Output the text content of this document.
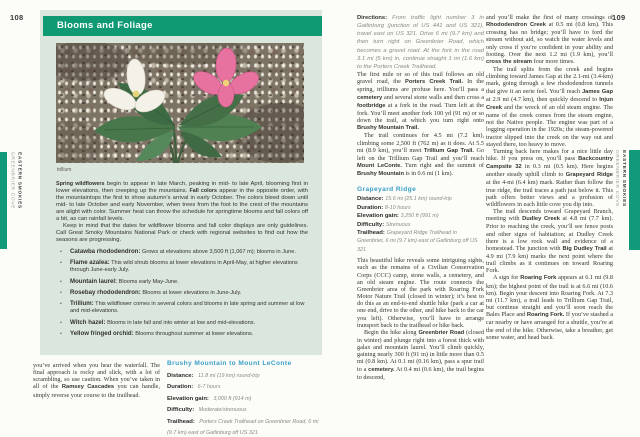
108
GREENBRIER COVE EASTERN SMOKIES
Blooms and Foliage
trillium

Spring wildflowers begin to appear in late March, peaking in mid- to late April, blooming first in lower elevations, then creeping up the mountains. Fall colors appear in the opposite order, with the mountaintops the first to show autumn’s arrival in early October. The colors bleed down until mid- to late October and early November, when trees from the foot to the crest of the mountains are alight with color. Summer heat can throw the schedule for springtime blooms and fall colors off a bit, as can rainfall levels.

Keep in mind that the dates for wildflower blooms and fall color displays are only guidelines. Call Great Smoky Mountains National Park or check with regional websites to find out how the seasons are progressing.

• Catawba rhododendron: Grows at elevations above 3,500 ft (1,067 m); blooms in June.
• Flame azalea: This wild shrub blooms at lower elevations in April-May, at higher elevations through June-early July.
• Mountain laurel: Blooms early May-June.
• Rosebay rhododendron: Blooms at lower elevations in June-July.
• Trillium: This wildflower comes in several colors and blooms in late spring and summer at low and mid-elevations.
• Witch hazel: Blooms in late fall and into winter at low and mid-elevations.
• Yellow fringed orchid: Blooms throughout summer at lower elevations.

you’ve arrived when you hear the waterfall. The final approach is rocky and slick, with a lot of scrambling, so use caution. When you’ve taken in all of the Ramsey Cascades you can handle, simply reverse your course to the trailhead.

Brushy Mountain to Mount LeConte
Distance: 11.8 mi (19 km) round-trip
Duration: 6-7 hours
Elevation gain: 3,000 ft (914 m)
Difficulty: Moderate/strenuous
Trailhead: Porters Creek Trailhead on Greenbrier Road, 6 mi (9.7 km) east of Gatlinburg off US 321
109
GREENBRIER COVE EASTERN SMOKIES

Directions: From traffic light number 3 in Gatlinburg (junction of US 441 and US 321), travel east on US 321. Drive 6 mi (9.7 km) and then turn right on Greenbrier Road, which becomes a gravel road. At the fork in the road 3.1 mi (5 km) in, continue straight 1 mi (1.6 km) to the Porters Creek Trailhead.

The first mile or so of this trail follows an old gravel road, the Porters Creek Trail. In the spring, trilliums are profuse here. You’ll pass a cemetery and several stone walls and then cross a footbridge at a fork in the road. Turn left at the fork. You’ll meet another fork 100 yd (91 m) or so down the trail, at which you turn right onto Brushy Mountain Trail.

The trail continues for 4.5 mi (7.2 km), climbing some 2,500 ft (762 m) as it does. At 5.5 mi (8.9 km), you’ll meet Trillium Gap Trail. Go left on the Trillium Gap Trail and you’ll reach Mount LeConte. Turn right and the summit of Brushy Mountain is in 0.6 mi (1 km).

Grapeyard Ridge
Distance: 15.6 mi (25.1 km) round-trip
Duration: 8-10 hours
Elevation gain: 3,250 ft (991 m)
Difficulty: Strenuous
Trailhead: Grapeyard Ridge Trailhead in Greenbrier, 6 mi (9.7 km) east of Gatlinburg off US 321

This beautiful hike reveals some intriguing sights, such as the remains of a Civilian Conservation Corps (CCC) camp, stone walls, a cemetery, and an old steam engine. The route connects the Greenbrier area of the park with Roaring Fork Motor Nature Trail (closed in winter); it’s best to do this as an end-to-end shuttle hike (park a car at one end, drive to the other, and hike back to the car you left). Otherwise, you’ll have to arrange transport back to the trailhead or hike back.

Begin the hike along Greenbrier Road (closed in winter) and plunge right into a forest thick with galax and mountain laurel. You’ll climb quickly, gaining nearly 300 ft (91 m) in little more than 0.5 mi (0.8 km). At 0.1 mi (0.16 km), pass a spur trail to a cemetery. At 0.4 mi (0.6 km), the trail begins to descend,

and you’ll make the first of many crossings of Rhododendron Creek at 0.5 mi (0.8 km). This crossing has no bridge; you’ll have to ford the stream without aid, so watch the water levels and only cross if you’re confident in your ability and footing. Over the next 1.2 mi (1.9 km), you’ll cross the stream four more times.

The trail splits from the creek and begins climbing toward James Gap at the 2.1-mi (3.4-km) mark, going through a few rhododendron tunnels that give it an eerie feel. You’ll reach James Gap at 2.9 mi (4.7 km), then quickly descend to Injun Creek and the wreck of an old steam engine. The name of the creek comes from the steam engine, not the Native people. The engine was part of a logging operation in the 1920s; the steam-powered tractor slipped into the creek on the way out and stayed there, too heavy to move.

Turning back here makes for a nice little day hike. If you press on, you’ll pass Backcountry Campsite 32 in 0.3 mi (0.5 km). Here begins another steady uphill climb to Grapeyard Ridge at the 4-mi (6.4 km) mark. Rather than follow the true ridge, the trail traces a path just below it. This path offers better views and a profusion of wildflowers in each little cove you dip into.

The trail descends toward Grapeyard Branch, meeting with Dudley Creek at 4.8 mi (7.7 km). Prior to reaching the creek, you’ll see fence posts and other signs of habitation; at Dudley Creek there is a low rock wall and evidence of a homestead. The junction with Big Dudley Trail at 4.9 mi (7.9 km) marks the next point where the trail climbs as it continues on toward Roaring Fork.

A sign for Roaring Fork appears at 6.1 mi (9.8 km); the highest point of the trail is at 6.6 mi (10.6 km). Begin your descent into Roaring Fork. At 7.3 mi (11.7 km), a trail leads to Trillium Gap Trail, but continue straight and you’ll soon reach the Bales Place and Roaring Fork. If you’ve stashed a car nearby or have arranged for a shuttle, you’re at the end of the hike. Otherwise, take a breather, get some water, and head back.
